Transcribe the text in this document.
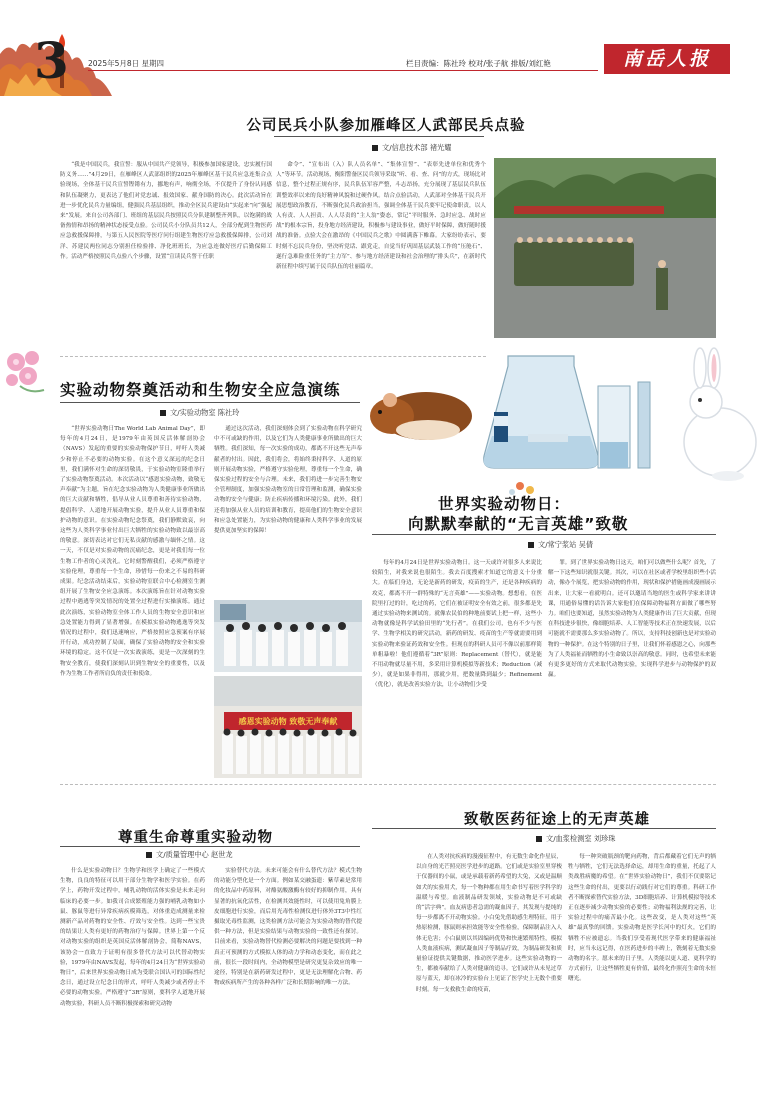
3	2025年5月8日 星期四	栏目责编：陈社玲 校对/张子航 排版/刘红艳	南岳人报
公司民兵小队参加雁峰区人武部民兵点验
文/信息技术部 褚光耀
“我是中国民兵，我宣誓：服从中国共产党领导，积极参加国家建设，忠实履行国防义务……”4月29日，在雁峰区人武部组织的2025年雁峰区基干民兵应急连集合点验现场，全体基干民兵宣誓铿锵有力，挪地有声，响彻全场，不仅提升了身份认同感和队伍凝聚力，更表达了他们对党忠诚、报效国家、献身国防的决心。此次活动旨在进一步优化民兵力量编组，健强民兵基层组织，推动全区民兵建设由“实起来”向“强起来”发展。来自公司各部门、班组的基层民兵按照民兵分队建制整齐列队，以饱满的战备热情和昂扬的精神状态接受点验。公司民兵小分队员共12人，全部分配到生物医药应急救援保障排，与第五人民医院等医疗问行组建生物医疗应急救援保障排，公司刘洋、苏建民两位同志分别担任检验排、净化班班长，为应急连做好医疗后勤保障工作。活动严格按照民兵点验八个步骤，设置“宣读民兵誓干任职
命令”、“宣布出（入）队人员名单”、“集体宣誓”、“表彰先进单位和优秀个人”等环节。活动现场，衡阳警备区民兵领导采取“听、看、查、问”的方式，现场比对信息，整个过程正规有序，民兵队伍军容严整，斗志昂扬，充分展现了基层民兵队伍训整效率以来的良好精神风貌和过硬作风。结合点验活动，人武部对全体基干民兵开展思想政治教育，不断强化民兵政治担当，强调全体基干民兵要牢记使命职责，以人人有责、人人担责、人人尽责的“主人翁”姿态，常记“平时服务、急时应急、战时应战”的根本宗旨，投身地方经济建设，积极参与建设事业，做好平时保障，做好随时援战的准备。点验大会在激昂的《中国民兵之歌》中圆满落下帷幕。大家纷纷表示，要时刻不忘民兵身份，坚决听党话、跟党走，自觉当好巩固基层武装工作的“压舱石”、遂行急难险重任务的“主力军”、参与地方经济建设和社会治理的“排头兵”，在新时代新征程中续写属于民兵队伍的壮丽篇章。
实验动物祭奠活动和生物安全应急演练
文/实验动物室 陈社玲
“世界实验动物日The World Lab Animal Day”，即每年的4月24日，是1979年由英国反活体解剖协会（NAVS）发起的重要的实验动物保护节日，呼吁人类减少和停止不必要的动物实验。在这个意义深远的纪念日里，我们满怀对生命的深切敬畏，于实验动物室隆重举行了实验动物祭奠活动。本次活动以“感恩实验动物，致敬无声奉献”为主题，旨在纪念实验动物为人类健康事业所做出的巨大贡献和牺牲，倡导从业人员尊重和善待实验动物，提倡科学、人道地开展动物实验，提升从业人员尊重和保护动物的意识。在实验动物纪念祭奠，我们静默致哀，向这些为人类科学事业付出巨大牺牲的实验动物致以最崇高的敬意。深切表达对它们无私贡献的感激与缅怀之情。这一天，不仅是对实验动物的沉痛纪念，更是对我们每一位生物工作者的心灵洗礼。它时刻警醒我们，必须严格遵守实验伦理，尊重每一个生命，珍惜每一份来之不易的科研成果。纪念活动结束后，实验动物室联合中心检测室生测组开展了生物安全应急演练。本次演练旨在针对动物实验过程中遇逃等突发情况的处置全过程进行实操演练。通过此次演练，实验动物室全体工作人员的生物安全意识和应急处置能力得到了显著增强。在模拟实验动物逃逸等突发情况的过程中，我们迅速响应，严格按照应急预案有序展开行动，成功控制了局面，确保了实验动物的安全和实验环境的稳定。这不仅是一次实战演练，更是一次深刻的生物安全教育，使我们深刻认识到生物安全的重要性，以及作为生物工作者所肩负的责任和使命。
通过这次活动，我们深刻体会到了实验动物在科学研究中不可或缺的作用，以及它们为人类健康事业所做出的巨大牺牲。我们深知，每一次实验的成功，都离不开这些无声奉献者的付出。因此，我们将会，将始终秉持科学、人道的原则开展动物实验，严格遵守实验伦理，尊重每一个生命，确保实验过程的安全与合理。未来，我们将进一步完善生物安全管理制度，加强实验动物室的日常管理和监测，确保实验动物的安全与健康；防止疾病传播和环境污染。此外，我们还将加强从业人员的培训和教育，提高他们的生物安全意识和应急处置能力，为实验动物的健康和人类科学事业的发展提供更加坚实的保障！
感恩实验动物 致敬无声奉献
世界实验动物日：
向默默奉献的“无言英雄”致敬
文/常宁浆站 吴倩
每年的4月24日是世界实验动物日。这一天或许对很多人来说比较陌生，对我来说也很陌生。我去百度搜索才知道它的意义十分重大。在临们身边，无论是新药的研发，疫苗的生产，还是各种疾病的攻克，都离不开一群特殊的“无言英雄”——实验动物。想想看，在医院里打过的针，吃过的药，它们在被证明安全有效之前，很多都是先通过实验动物来测试的。就像农民伯的种地前要试上把一样，这些小动物就像是科学试验田里的“先行者”。在我们公司，也有不少与医学、生物学相关的研究活动，新药的研发、疫苗的生产等就需要用到实验动物来验证药效和安全性。但现在的科研人员可不像以前那样简单粗暴啦！他们遵循着“3R”原则：Replacement（替代），就是能不用动物就尽量不用，多采用计算机模拟等新技术；Reduction（减少），就是如果非得用，那就少用，把数量降到最少；Refinement（优化），就是改善实验方法，让小动物们少受
罪。到了世界实验动物日这天，咱们可以做些什么呢？首先，了解一下这些知识就很关键。其次，可以在社区或者学校里组织些小活动，像办个展览，把实验动物的作用，现状和保护措施画成漫画展示出来，让大家一看就明白。还可以邀请当地的医生或科学家来讲讲课，用通俗易懂的话告诉大家他们在保障动物福利方面做了哪些努力。咱们也要知道，虽然实验动物为人类健康作出了巨大贡献，但现在科技进步很快，像细胞培养、人工智能等技术正在快速发展，以后可能就不需要那么多实验动物了。所以，支持科技创新也是对实验动物的一种保护。在这个特别的日子里，让我们怀着感恩之心，向那些为了人类福祉而牺牲的小生命致以崇高的敬意。同时，也希望未来能有更多更好的方式来取代动物实验，实现科学进步与动物保护的双赢。
尊重生命尊重实验动物
文/质量管理中心 赵世龙
什么是实验动物日？生物学和医学上确定了一些模式生物，良良的特征可以用于部分生物学和医学实验。在药学上，药物开发过程中，哺乳动物的活体实验是未来走向临床的必要一步。如我司合成繁殖能力强的哺乳动物如小鼠、豚鼠等进行异常疾病疾模筛选，对体重造成测量来检测新产品对药物的安全性、疗效与安全性。达到一些宝贵的结果让人类有更好的药物治疗与保障。世界上第一个反对动物实验的组织是英国反活体解剖协会，简称NAVS，该协会一直致力于证明有很多替代方法可以代替动物实验，1979年由NAVS发起，每年的4月24日为“世界实验动物日”，后来世界实验动物日成为受联合国认可的国际性纪念日，通过设立纪念日的形式，呼吁人类减少或者停止不必要的动物实验。严格遵守“3R”原则，要科学人道地开展动物实验，科研人员不断积极探索和研究动物
实验替代方法。未来可能会有什么替代方法？模式生物的功能分型化是一个方面。例如某交融蛋遗：紫草素是常用的化妆品中药原料，对酪氨酸激酶有较好的抑制作用，具有显著的抗氧化活性，在检测其效能性时，可以使用兔角膜上皮细胞进行实验，而后用光毒性检测仪进行体外3T3中性红摄取光毒性监测，这类检测方法可能会为实验动物的替代提供一种方法，但是实验结果与动物实验的一致性还有探讨。目前来看，实验动物替代检测必要解决的问题是要找到一种真正可预测的方式模拟人体的动力学和动态变化，而在此之前，很长一段时间内，全动物模型是研究更复杂效应的唯一途径，特别是在新药研发过程中，更是无法理解化合物、药物或疾病所产生的各种各样广泛和长期影响的唯一方法。
致敬医药征途上的无声英雄
文/血浆检测室 刘珍珠
在人类对抗疾病的漫漫征程中，有无数生命化作星辰，以自身的光芒照亮医学进步的道路。它们或是实验室里穿梭于仪器间的小鼠，或是承载着新药希望的大兔，又或是温顺如犬的实验用犬，每一个物种都在用生命书写着医学科学的温暖与希望。血液制品研发领域，实验动物是不可或缺的“活字典”。血友病患者急需的凝血因子，其发现与提纯的每一步都离不开动物实验。小白兔先借助感生理特征，用于热原检测，豚鼠则承担效能等安全性检验，保障制品注入人体无危害；小白鼠则以其固编码优势和快速繁殖特性，模拟人类血液疾病，测试凝血因子等制品疗效，为制品研发和质量验证提供关键数据，推动医学进步。这些实验动物的一生，都被奉献给了人类对健康的追寻。它们或许从未见过草原与蓝天，却在冰冷的实验台上见证了医学史上无数个重要时刻。每一支救救生命的疫苗，
每一种突破瓶颈的靶向药物，背后都藏着它们无声的牺牲与牺牲，它们无法选择命运，却用生命的重量，托起了人类战胜病魔的希望。在“世界实验动物日”，我们不仅要铭记这些生命的付出，更要以行动践行对它们的尊重。科研工作者不断探索替代实验方法，3D细胞培养、计算机模拟等技术正在逐步减少动物实验的必要性；动物福利法规的完善，让实验过程中的痛苦最小化。这些改变，是人类对这些“英雄”最真挚的回馈。实验动物是医学长河中的灯火，它们的牺牲不应被遗忘。当我们享受着现代医学带来的健康福祉时，应当永远记得，在医药进步的丰碑上，镌刻着无数实验动物的名字。愿未来的日子里，人类能以更人道、更科学的方式前行，让这些牺牲更有价值，最终化作照亮生命的永恒曙光。
